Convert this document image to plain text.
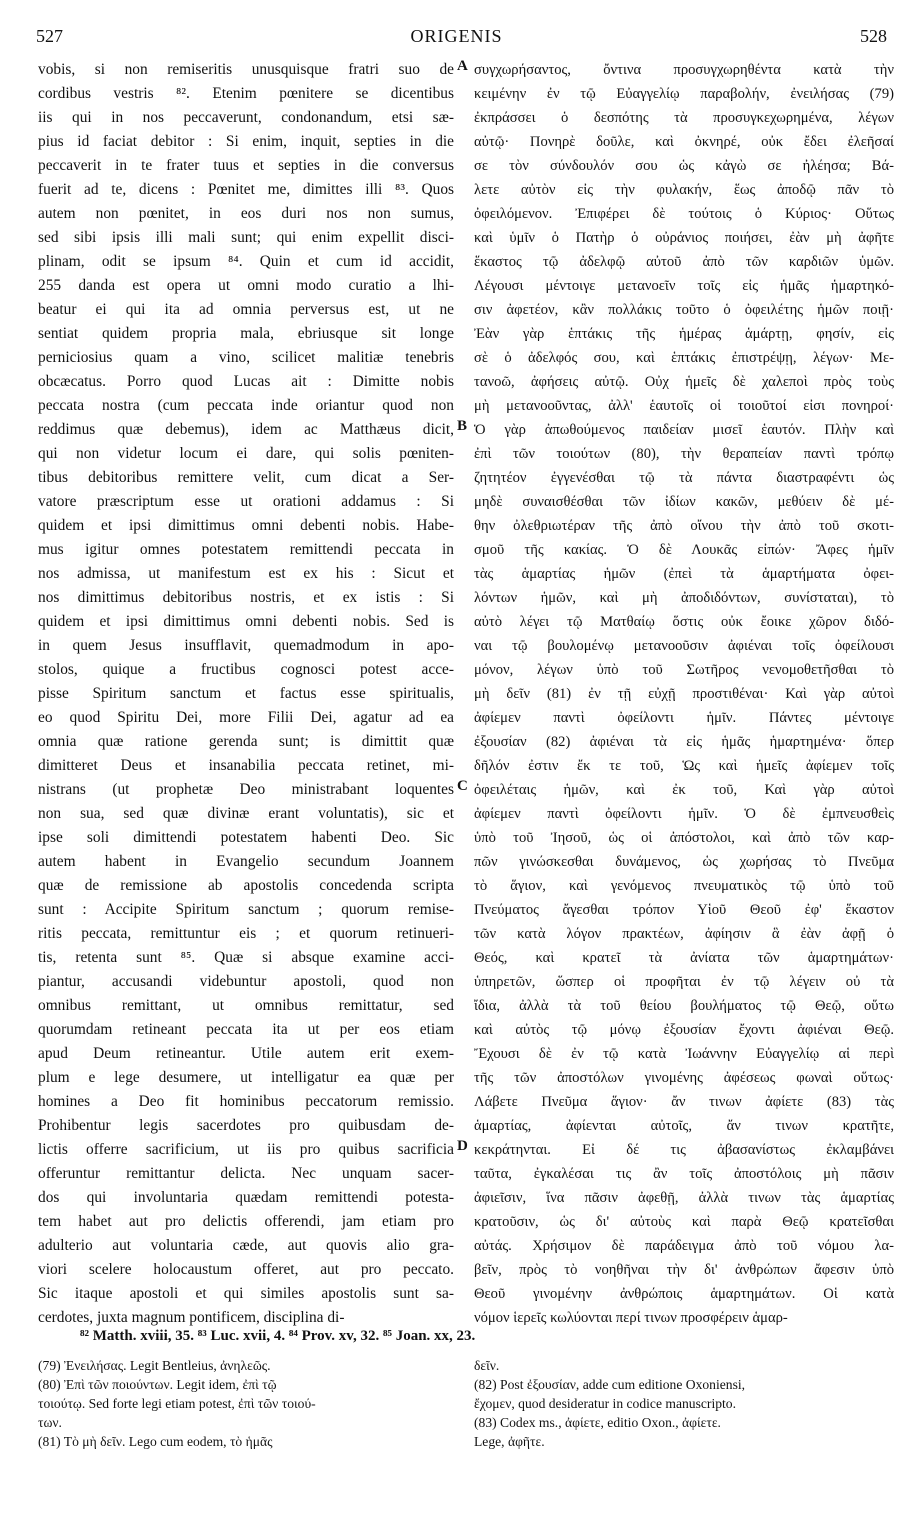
527	ORIGENIS	528
vobis, si non remiseritis unusquisque fratri suo de
cordibus vestris ⁸². Etenim pœnitere se dicentibus
iis qui in nos peccaverunt, condonandum, etsi sæ-
pius id faciat debitor : Si enim, inquit, septies in die
peccaverit in te frater tuus et septies in die conversus
fuerit ad te, dicens : Pœnitet me, dimittes illi ⁸³. Quos
autem non pœnitet, in eos duri nos non sumus,
sed sibi ipsis illi mali sunt; qui enim expellit disci-
plinam, odit se ipsum ⁸⁴. Quin et cum id accidit,
255 danda est opera ut omni modo curatio a lhi-
beatur ei qui ita ad omnia perversus est, ut ne
sentiat quidem propria mala, ebriusque sit longe
perniciosius quam a vino, scilicet malitiæ tenebris
obcæcatus. Porro quod Lucas ait : Dimitte nobis
peccata nostra (cum peccata inde oriantur quod non
reddimus quæ debemus), idem ac Matthæus dicit,
qui non videtur locum ei dare, qui solis pœniten-
tibus debitoribus remittere velit, cum dicat a Ser-
vatore præscriptum esse ut orationi addamus : Si
quidem et ipsi dimittimus omni debenti nobis. Habe-
mus igitur omnes potestatem remittendi peccata in
nos admissa, ut manifestum est ex his : Sicut et
nos dimittimus debitoribus nostris, et ex istis : Si
quidem et ipsi dimittimus omni debenti nobis. Sed is
in quem Jesus insufflavit, quemadmodum in apo-
stolos, quique a fructibus cognosci potest acce-
pisse Spiritum sanctum et factus esse spiritualis,
eo quod Spiritu Dei, more Filii Dei, agatur ad ea
omnia quæ ratione gerenda sunt; is dimittit quæ
dimitteret Deus et insanabilia peccata retinet, mi-
nistrans (ut prophetæ Deo ministrabant loquentes
non sua, sed quæ divinæ erant voluntatis), sic et
ipse soli dimittendi potestatem habenti Deo. Sic
autem habent in Evangelio secundum Joannem
quæ de remissione ab apostolis concedenda scripta
sunt : Accipite Spiritum sanctum ; quorum remise-
ritis peccata, remittuntur eis ; et quorum retinueri-
tis, retenta sunt ⁸⁵. Quæ si absque examine acci-
piantur, accusandi videbuntur apostoli, quod non
omnibus remittant, ut omnibus remittatur, sed
quorumdam retineant peccata ita ut per eos etiam
apud Deum retineantur. Utile autem erit exem-
plum e lege desumere, ut intelligatur ea quæ per
homines a Deo fit hominibus peccatorum remissio.
Prohibentur legis sacerdotes pro quibusdam de-
lictis offerre sacrificium, ut iis pro quibus sacrificia
offeruntur remittantur delicta. Nec unquam sacer-
dos qui involuntaria quædam remittendi potesta-
tem habet aut pro delictis offerendi, jam etiam pro
adulterio aut voluntaria cæde, aut quovis alio gra-
viori scelere holocaustum offeret, aut pro peccato.
Sic itaque apostoli et qui similes apostolis sunt sa-
cerdotes, juxta magnum pontificem, disciplina di-
συγχωρήσαντος, ὄντινα προσυγχωρηθέντα κατὰ τὴν
κειμένην ἐν τῷ Εὐαγγελίῳ παραβολήν, ἐνειλήσας (79)
ἐκπράσσει ὁ δεσπότης τὰ προσυγκεχωρημένα, λέγων
αὐτῷ· Πονηρὲ δοῦλε, καὶ ὀκνηρέ, οὐκ ἔδει ἐλεῆσαί
σε τὸν σύνδουλόν σου ὡς κἀγὼ σε ἠλέησα; Βά-
λετε αὐτὸν εἰς τὴν φυλακήν, ἕως ἀποδῷ πᾶν τὸ
ὀφειλόμενον. Ἐπιφέρει δὲ τούτοις ὁ Κύριος· Οὕτως
καὶ ὑμῖν ὁ Πατὴρ ὁ οὐράνιος ποιήσει, ἐὰν μὴ ἀφῆτε
ἕκαστος τῷ ἀδελφῷ αὐτοῦ ἀπὸ τῶν καρδιῶν ὑμῶν.
Λέγουσι μέντοιγε μετανοεῖν τοῖς εἰς ἡμᾶς ἡμαρτηκό-
σιν ἀφετέον, κἂν πολλάκις τοῦτο ὁ ὀφειλέτης ἡμῶν ποιῇ·
Ἐὰν γὰρ ἑπτάκις τῆς ἡμέρας ἁμάρτῃ, φησίν, εἰς
σὲ ὁ ἀδελφός σου, καὶ ἑπτάκις ἐπιστρέψῃ, λέγων· Με-
τανοῶ, ἀφήσεις αὐτῷ. Οὐχ ἡμεῖς δὲ χαλεποὶ πρὸς τοὺς
μὴ μετανοοῦντας, ἀλλ' ἑαυτοῖς οἱ τοιοῦτοί εἰσι πονηροί·
Ὁ γὰρ ἀπωθούμενος παιδείαν μισεῖ ἑαυτόν. Πλὴν καὶ
ἐπὶ τῶν τοιούτων (80), τὴν θεραπείαν παντὶ τρόπῳ
ζητητέον ἐγγενέσθαι τῷ τὰ πάντα διαστραφέντι ὡς
μηδὲ συναισθέσθαι τῶν ἰδίων κακῶν, μεθύειν δὲ μέ-
θην ὀλεθριωτέραν τῆς ἀπὸ οἴνου τὴν ἀπὸ τοῦ σκοτι-
σμοῦ τῆς κακίας. Ὁ δὲ Λουκᾶς εἰπών· Ἄφες ἡμῖν
τὰς ἁμαρτίας ἡμῶν (ἐπεὶ τὰ ἁμαρτήματα ὀφει-
λόντων ἡμῶν, καὶ μὴ ἀποδιδόντων, συνίσταται), τὸ
αὐτὸ λέγει τῷ Ματθαίῳ ὅστις οὐκ ἔοικε χῶρον διδό-
ναι τῷ βουλομένῳ μετανοοῦσιν ἀφιέναι τοῖς ὀφείλουσι
μόνον, λέγων ὑπὸ τοῦ Σωτῆρος νενομοθετῆσθαι τὸ
μὴ δεῖν (81) ἐν τῇ εὐχῇ προστιθέναι· Καὶ γὰρ αὐτοὶ
ἀφίεμεν παντὶ ὀφείλοντι ἡμῖν. Πάντες μέντοιγε
ἐξουσίαν (82) ἀφιέναι τὰ εἰς ἡμᾶς ἡμαρτημένα· ὅπερ
δῆλόν ἐστιν ἔκ τε τοῦ, Ὡς καὶ ἡμεῖς ἀφίεμεν τοῖς
ὀφειλέταις ἡμῶν, καὶ ἐκ τοῦ, Καὶ γὰρ αὐτοὶ
ἀφίεμεν παντὶ ὀφείλοντι ἡμῖν. Ὁ δὲ ἐμπνευσθεὶς
ὑπὸ τοῦ Ἰησοῦ, ὡς οἱ ἀπόστολοι, καὶ ἀπὸ τῶν καρ-
πῶν γινώσκεσθαι δυνάμενος, ὡς χωρήσας τὸ Πνεῦμα
τὸ ἅγιον, καὶ γενόμενος πνευματικὸς τῷ ὑπὸ τοῦ
Πνεύματος ἄγεσθαι τρόπον Υἱοῦ Θεοῦ ἐφ' ἕκαστον
τῶν κατὰ λόγον πρακτέων, ἀφίησιν ἃ ἐὰν ἀφῇ ὁ
Θεός, καὶ κρατεῖ τὰ ἀνίατα τῶν ἁμαρτημάτων·
ὑπηρετῶν, ὥσπερ οἱ προφῆται ἐν τῷ λέγειν οὐ τὰ
ἴδια, ἀλλὰ τὰ τοῦ θείου βουλήματος τῷ Θεῷ, οὕτω
καὶ αὐτὸς τῷ μόνῳ ἐξουσίαν ἔχοντι ἀφιέναι Θεῷ.
Ἔχουσι δὲ ἐν τῷ κατὰ Ἰωάννην Εὐαγγελίῳ αἱ περὶ
τῆς τῶν ἀποστόλων γινομένης ἀφέσεως φωναὶ οὕτως·
Λάβετε Πνεῦμα ἅγιον· ἄν τινων ἀφίετε (83) τὰς
ἁμαρτίας, ἀφίενται αὐτοῖς, ἄν τινων κρατῆτε,
κεκράτηνται. Εἰ δέ τις ἀβασανίστως ἐκλαμβάνει
ταῦτα, ἐγκαλέσαι τις ἂν τοῖς ἀποστόλοις μὴ πᾶσιν
ἀφιεῖσιν, ἵνα πᾶσιν ἀφεθῇ, ἀλλὰ τινων τὰς ἁμαρτίας
κρατοῦσιν, ὡς δι' αὐτοὺς καὶ παρὰ Θεῷ κρατεῖσθαι
αὐτάς. Χρήσιμον δὲ παράδειγμα ἀπὸ τοῦ νόμου λα-
βεῖν, πρὸς τὸ νοηθῆναι τὴν δι' ἀνθρώπων ἄφεσιν ὑπὸ
Θεοῦ γινομένην ἀνθρώποις ἁμαρτημάτων. Οἱ κατὰ
νόμον ἱερεῖς κωλύονται περί τινων προσφέρειν ἁμαρ-
A
B
C
D
⁸² Matth. xviii, 35. ⁸³ Luc. xvii, 4. ⁸⁴ Prov. xv, 32. ⁸⁵ Joan. xx, 23.
(79) Ἐνειλήσας. Legit Bentleius, ἀνηλεῶς.
(80) Ἐπὶ τῶν ποιούντων. Legit idem, ἐπὶ τῷ
τοιούτῳ. Sed forte legi etiam potest, ἐπὶ τῶν τοιού-
των.
(81) Τὸ μὴ δεῖν. Lego cum eodem, τὸ ἡμᾶς
δεῖν.
(82) Post ἐξουσίαν, adde cum editione Oxoniensi,
ἔχομεν, quod desideratur in codice manuscripto.
(83) Codex ms., ἀφίετε, editio Oxon., ἀφίετε.
Lege, ἀφῆτε.
